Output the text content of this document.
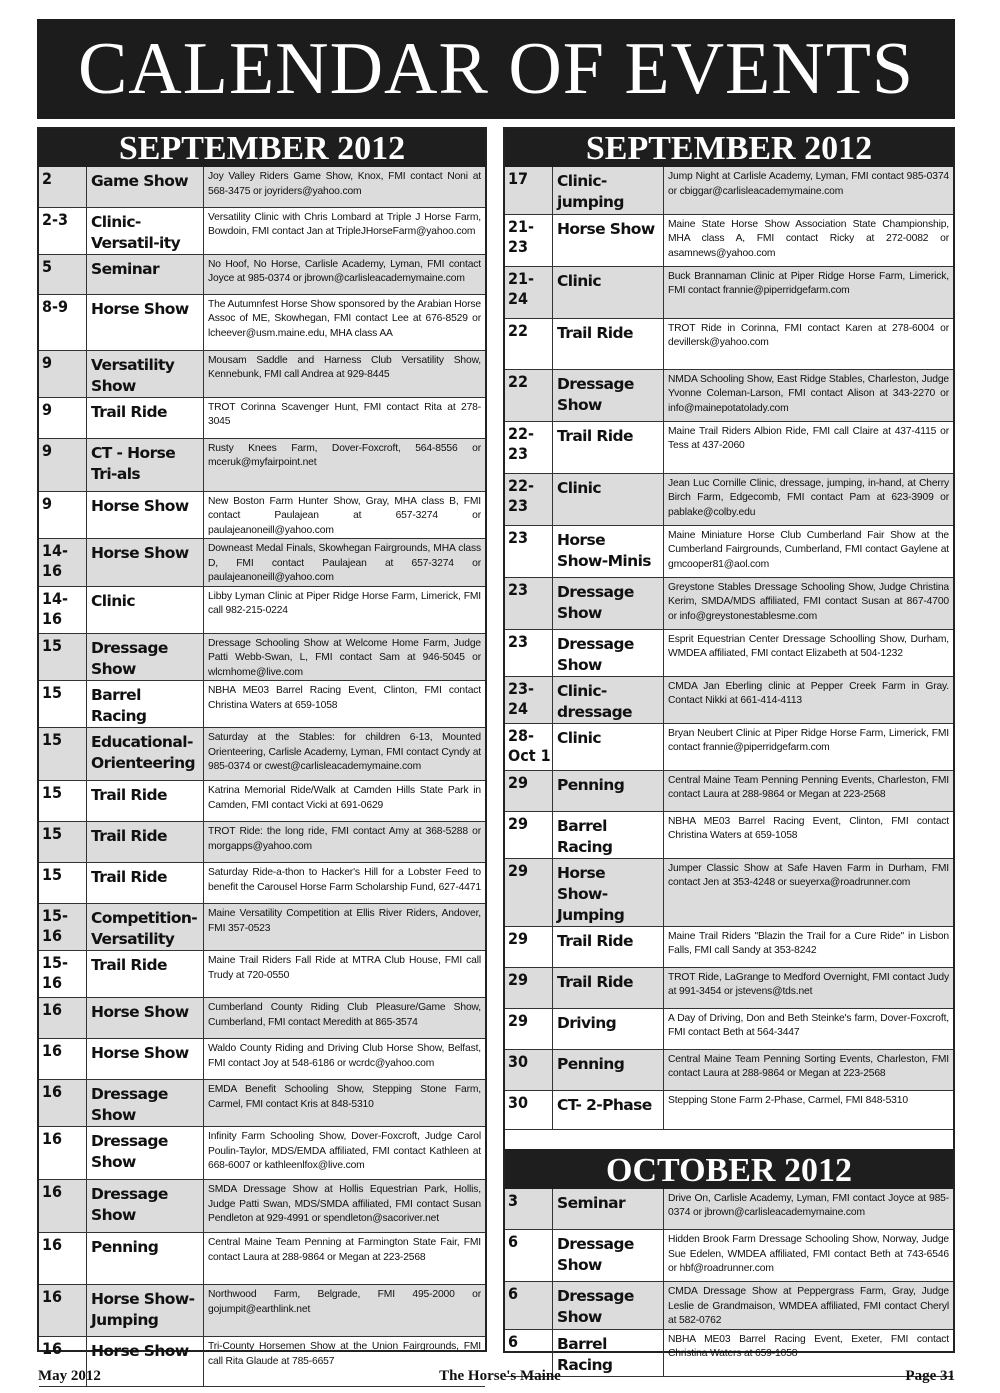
CALENDAR OF EVENTS
SEPTEMBER 2012
2	Game Show	Joy Valley Riders Game Show, Knox, FMI contact Noni at 568-3475 or joyriders@yahoo.com
2-3	Clinic- Versatil-ity	Versatility Clinic with Chris Lombard at Triple J Horse Farm, Bowdoin, FMI contact Jan at TripleJHorseFarm@yahoo.com
5	Seminar	No Hoof, No Horse, Carlisle Academy, Lyman, FMI contact Joyce at 985-0374 or jbrown@carlisleacademymaine.com
8-9	Horse Show	The Autumnfest Horse Show sponsored by the Arabian Horse Assoc of ME, Skowhegan, FMI contact Lee at 676-8529 or lcheever@usm.maine.edu, MHA class AA
9	Versatility Show	Mousam Saddle and Harness Club Versatility Show, Kennebunk, FMI call Andrea at 929-8445
9	Trail Ride	TROT Corinna Scavenger Hunt, FMI contact Rita at 278-3045
9	CT - Horse Tri-als	Rusty Knees Farm, Dover-Foxcroft, 564-8556 or mceruk@myfairpoint.net
9	Horse Show	New Boston Farm Hunter Show, Gray, MHA class B, FMI contact Paulajean at 657-3274 or paulajeanoneill@yahoo.com
14-16	Horse Show	Downeast Medal Finals, Skowhegan Fairgrounds, MHA class D, FMI contact Paulajean at 657-3274 or paulajeanoneill@yahoo.com
14-16	Clinic	Libby Lyman Clinic at Piper Ridge Horse Farm, Limerick, FMI call 982-215-0224
15	Dressage Show	Dressage Schooling Show at Welcome Home Farm, Judge Patti Webb-Swan, L, FMI contact Sam at 946-5045 or wlcmhome@live.com
15	Barrel Racing	NBHA ME03 Barrel Racing Event, Clinton, FMI contact Christina Waters at 659-1058
15	Educational-Orienteering	Saturday at the Stables: for children 6-13, Mounted Orienteering, Carlisle Academy, Lyman, FMI contact Cyndy at 985-0374 or cwest@carlisleacademymaine.com
15	Trail Ride	Katrina Memorial Ride/Walk at Camden Hills State Park in Camden, FMI contact Vicki at 691-0629
15	Trail Ride	TROT Ride: the long ride, FMI contact Amy at 368-5288 or morgapps@yahoo.com
15	Trail Ride	Saturday Ride-a-thon to Hacker's Hill for a Lobster Feed to benefit the Carousel Horse Farm Scholarship Fund, 627-4471
15-16	Competition-Versatility	Maine Versatility Competition at Ellis River Riders, Andover, FMI 357-0523
15-16	Trail Ride	Maine Trail Riders Fall Ride at MTRA Club House, FMI call Trudy at 720-0550
16	Horse Show	Cumberland County Riding Club Pleasure/Game Show, Cumberland, FMI contact Meredith at 865-3574
16	Horse Show	Waldo County Riding and Driving Club Horse Show, Belfast, FMI contact Joy at 548-6186 or wcrdc@yahoo.com
16	Dressage Show	EMDA Benefit Schooling Show, Stepping Stone Farm, Carmel, FMI contact Kris at 848-5310
16	Dressage Show	Infinity Farm Schooling Show, Dover-Foxcroft, Judge Carol Poulin-Taylor, MDS/EMDA affiliated, FMI contact Kathleen at 668-6007 or kathleenlfox@live.com
16	Dressage Show	SMDA Dressage Show at Hollis Equestrian Park, Hollis, Judge Patti Swan, MDS/SMDA affiliated, FMI contact Susan Pendleton at 929-4991 or spendleton@sacoriver.net
16	Penning	Central Maine Team Penning at Farmington State Fair, FMI contact Laura at 288-9864 or Megan at 223-2568
16	Horse Show-Jumping	Northwood Farm, Belgrade, FMI 495-2000 or gojumpit@earthlink.net
16	Horse Show	Tri-County Horsemen Show at the Union Fairgrounds, FMI call Rita Glaude at 785-6657
SEPTEMBER 2012
17	Clinic- jumping	Jump Night at Carlisle Academy, Lyman, FMI contact 985-0374 or cbiggar@carlisleacademymaine.com
21-23	Horse Show	Maine State Horse Show Association State Championship, MHA class A, FMI contact Ricky at 272-0082 or asamnews@yahoo.com
21-24	Clinic	Buck Brannaman Clinic at Piper Ridge Horse Farm, Limerick, FMI contact frannie@piperridgefarm.com
22	Trail Ride	TROT Ride in Corinna, FMI contact Karen at 278-6004 or devillersk@yahoo.com
22	Dressage Show	NMDA Schooling Show, East Ridge Stables, Charleston, Judge Yvonne Coleman-Larson, FMI contact Alison at 343-2270 or info@mainepotatolady.com
22-23	Trail Ride	Maine Trail Riders Albion Ride, FMI call Claire at 437-4115 or Tess at 437-2060
22-23	Clinic	Jean Luc Cornille Clinic, dressage, jumping, in-hand, at Cherry Birch Farm, Edgecomb, FMI contact Pam at 623-3909 or pablake@colby.edu
23	Horse Show-Minis	Maine Miniature Horse Club Cumberland Fair Show at the Cumberland Fairgrounds, Cumberland, FMI contact Gaylene at gmcooper81@aol.com
23	Dressage Show	Greystone Stables Dressage Schooling Show, Judge Christina Kerim, SMDA/MDS affiliated, FMI contact Susan at 867-4700 or info@greystonestablesme.com
23	Dressage Show	Esprit Equestrian Center Dressage Schoolling Show, Durham, WMDEA affiliated, FMI contact Elizabeth at 504-1232
23-24	Clinic- dressage	CMDA Jan Eberling clinic at Pepper Creek Farm in Gray. Contact Nikki at 661-414-4113
28-Oct 1	Clinic	Bryan Neubert Clinic at Piper Ridge Horse Farm, Limerick, FMI contact frannie@piperridgefarm.com
29	Penning	Central Maine Team Penning Penning Events, Charleston, FMI contact Laura at 288-9864 or Megan at 223-2568
29	Barrel Racing	NBHA ME03 Barrel Racing Event, Clinton, FMI contact Christina Waters at 659-1058
29	Horse Show-Jumping	Jumper Classic Show at Safe Haven Farm in Durham, FMI contact Jen at 353-4248 or sueyerxa@roadrunner.com
29	Trail Ride	Maine Trail Riders "Blazin the Trail for a Cure Ride" in Lisbon Falls, FMI call Sandy at 353-8242
29	Trail Ride	TROT Ride, LaGrange to Medford Overnight, FMI contact Judy at 991-3454 or jstevens@tds.net
29	Driving	A Day of Driving, Don and Beth Steinke's farm, Dover-Foxcroft, FMI contact Beth at 564-3447
30	Penning	Central Maine Team Penning Sorting Events, Charleston, FMI contact Laura at 288-9864 or Megan at 223-2568
30	CT- 2-Phase	Stepping Stone Farm 2-Phase, Carmel, FMI 848-5310
OCTOBER 2012
3	Seminar	Drive On, Carlisle Academy, Lyman, FMI contact Joyce at 985-0374 or jbrown@carlisleacademymaine.com
6	Dressage Show	Hidden Brook Farm Dressage Schooling Show, Norway, Judge Sue Edelen, WMDEA affiliated, FMI contact Beth at 743-6546 or hbf@roadrunner.com
6	Dressage Show	CMDA Dressage Show at Peppergrass Farm, Gray, Judge Leslie de Grandmaison, WMDEA affiliated, FMI contact Cheryl at 582-0762
6	Barrel Racing	NBHA ME03 Barrel Racing Event, Exeter, FMI contact Christina Waters at 659-1058
May 2012	The Horse's Maine	Page 31
